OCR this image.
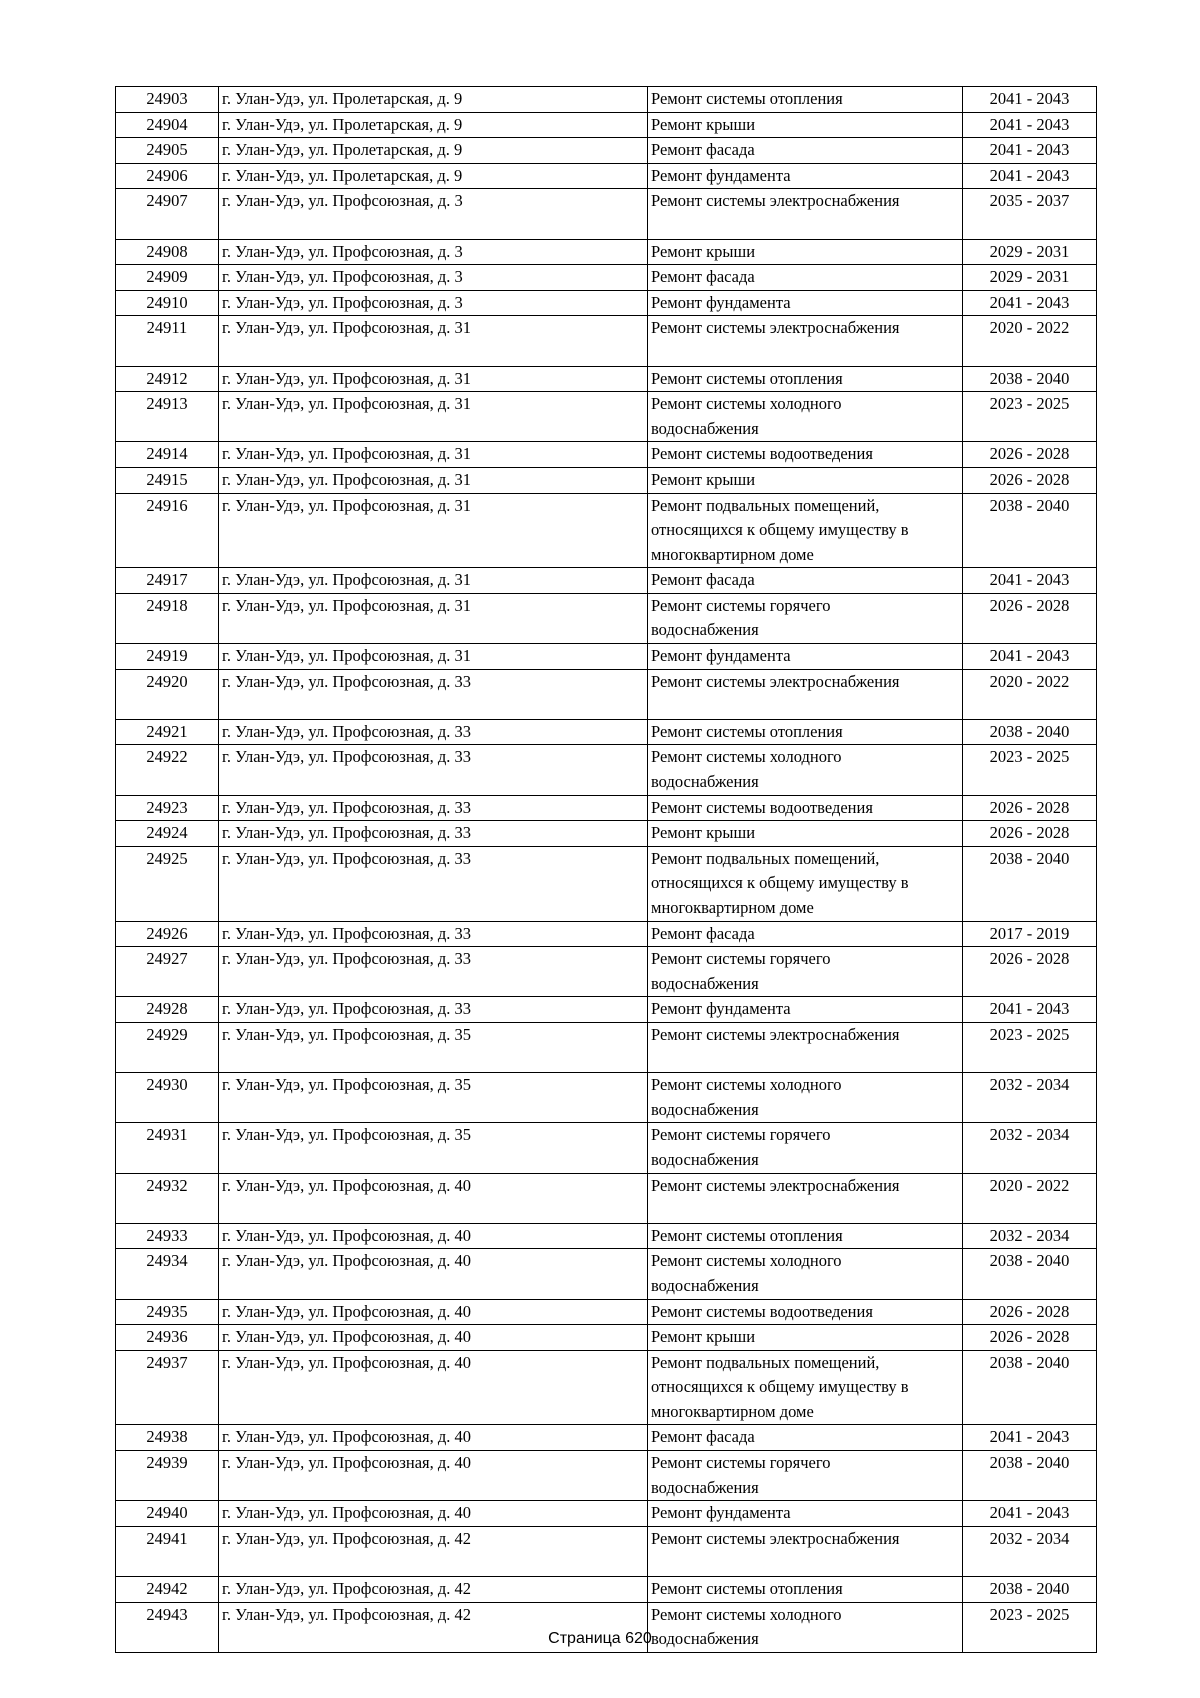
24903	г. Улан-Удэ, ул. Пролетарская, д. 9	Ремонт системы отопления	2041 - 2043
24904	г. Улан-Удэ, ул. Пролетарская, д. 9	Ремонт крыши	2041 - 2043
24905	г. Улан-Удэ, ул. Пролетарская, д. 9	Ремонт фасада	2041 - 2043
24906	г. Улан-Удэ, ул. Пролетарская, д. 9	Ремонт фундамента	2041 - 2043
24907	г. Улан-Удэ, ул. Профсоюзная, д. 3	Ремонт системы электроснабжения	2035 - 2037
24908	г. Улан-Удэ, ул. Профсоюзная, д. 3	Ремонт крыши	2029 - 2031
24909	г. Улан-Удэ, ул. Профсоюзная, д. 3	Ремонт фасада	2029 - 2031
24910	г. Улан-Удэ, ул. Профсоюзная, д. 3	Ремонт фундамента	2041 - 2043
24911	г. Улан-Удэ, ул. Профсоюзная, д. 31	Ремонт системы электроснабжения	2020 - 2022
24912	г. Улан-Удэ, ул. Профсоюзная, д. 31	Ремонт системы отопления	2038 - 2040
24913	г. Улан-Удэ, ул. Профсоюзная, д. 31	Ремонт системы холодного
водоснабжения	2023 - 2025
24914	г. Улан-Удэ, ул. Профсоюзная, д. 31	Ремонт системы водоотведения	2026 - 2028
24915	г. Улан-Удэ, ул. Профсоюзная, д. 31	Ремонт крыши	2026 - 2028
24916	г. Улан-Удэ, ул. Профсоюзная, д. 31	Ремонт подвальных помещений,
относящихся к общему имуществу в
многоквартирном доме	2038 - 2040
24917	г. Улан-Удэ, ул. Профсоюзная, д. 31	Ремонт фасада	2041 - 2043
24918	г. Улан-Удэ, ул. Профсоюзная, д. 31	Ремонт системы горячего
водоснабжения	2026 - 2028
24919	г. Улан-Удэ, ул. Профсоюзная, д. 31	Ремонт фундамента	2041 - 2043
24920	г. Улан-Удэ, ул. Профсоюзная, д. 33	Ремонт системы электроснабжения	2020 - 2022
24921	г. Улан-Удэ, ул. Профсоюзная, д. 33	Ремонт системы отопления	2038 - 2040
24922	г. Улан-Удэ, ул. Профсоюзная, д. 33	Ремонт системы холодного
водоснабжения	2023 - 2025
24923	г. Улан-Удэ, ул. Профсоюзная, д. 33	Ремонт системы водоотведения	2026 - 2028
24924	г. Улан-Удэ, ул. Профсоюзная, д. 33	Ремонт крыши	2026 - 2028
24925	г. Улан-Удэ, ул. Профсоюзная, д. 33	Ремонт подвальных помещений,
относящихся к общему имуществу в
многоквартирном доме	2038 - 2040
24926	г. Улан-Удэ, ул. Профсоюзная, д. 33	Ремонт фасада	2017 - 2019
24927	г. Улан-Удэ, ул. Профсоюзная, д. 33	Ремонт системы горячего
водоснабжения	2026 - 2028
24928	г. Улан-Удэ, ул. Профсоюзная, д. 33	Ремонт фундамента	2041 - 2043
24929	г. Улан-Удэ, ул. Профсоюзная, д. 35	Ремонт системы электроснабжения	2023 - 2025
24930	г. Улан-Удэ, ул. Профсоюзная, д. 35	Ремонт системы холодного
водоснабжения	2032 - 2034
24931	г. Улан-Удэ, ул. Профсоюзная, д. 35	Ремонт системы горячего
водоснабжения	2032 - 2034
24932	г. Улан-Удэ, ул. Профсоюзная, д. 40	Ремонт системы электроснабжения	2020 - 2022
24933	г. Улан-Удэ, ул. Профсоюзная, д. 40	Ремонт системы отопления	2032 - 2034
24934	г. Улан-Удэ, ул. Профсоюзная, д. 40	Ремонт системы холодного
водоснабжения	2038 - 2040
24935	г. Улан-Удэ, ул. Профсоюзная, д. 40	Ремонт системы водоотведения	2026 - 2028
24936	г. Улан-Удэ, ул. Профсоюзная, д. 40	Ремонт крыши	2026 - 2028
24937	г. Улан-Удэ, ул. Профсоюзная, д. 40	Ремонт подвальных помещений,
относящихся к общему имуществу в
многоквартирном доме	2038 - 2040
24938	г. Улан-Удэ, ул. Профсоюзная, д. 40	Ремонт фасада	2041 - 2043
24939	г. Улан-Удэ, ул. Профсоюзная, д. 40	Ремонт системы горячего
водоснабжения	2038 - 2040
24940	г. Улан-Удэ, ул. Профсоюзная, д. 40	Ремонт фундамента	2041 - 2043
24941	г. Улан-Удэ, ул. Профсоюзная, д. 42	Ремонт системы электроснабжения	2032 - 2034
24942	г. Улан-Удэ, ул. Профсоюзная, д. 42	Ремонт системы отопления	2038 - 2040
24943	г. Улан-Удэ, ул. Профсоюзная, д. 42	Ремонт системы холодного
водоснабжения	2023 - 2025
Страница 620
